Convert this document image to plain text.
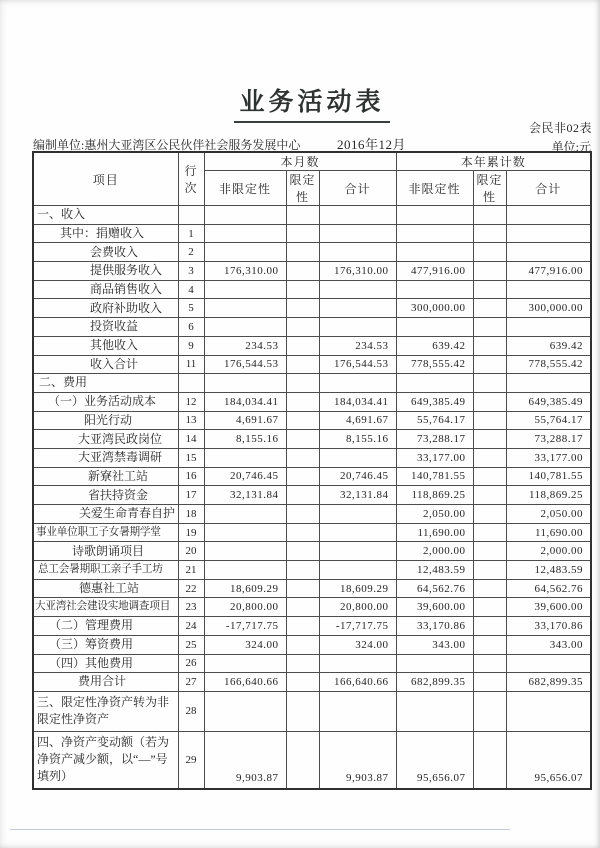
业务活动表
会民非02表
编制单位:惠州大亚湾区公民伙伴社会服务发展中心	2016年12月	单位:元
项目	行次	本月数			本年累计数		
		非限定性	限定性	合计	非限定性	限定性	合计
一、收入							
其中：捐赠收入	1						
会费收入	2						
提供服务收入	3	176,310.00		176,310.00	477,916.00		477,916.00
商品销售收入	4						
政府补助收入	5				300,000.00		300,000.00
投资收益	6						
其他收入	9	234.53		234.53	639.42		639.42
收入合计	11	176,544.53		176,544.53	778,555.42		778,555.42
二、费用							
（一）业务活动成本	12	184,034.41		184,034.41	649,385.49		649,385.49
阳光行动	13	4,691.67		4,691.67	55,764.17		55,764.17
大亚湾民政岗位	14	8,155.16		8,155.16	73,288.17		73,288.17
大亚湾禁毒调研	15				33,177.00		33,177.00
新寮社工站	16	20,746.45		20,746.45	140,781.55		140,781.55
省扶持资金	17	32,131.84		32,131.84	118,869.25		118,869.25
关爱生命青春自护	18				2,050.00		2,050.00
事业单位职工子女暑期学堂	19				11,690.00		11,690.00
诗歌朗诵项目	20				2,000.00		2,000.00
总工会暑期职工亲子手工坊	21				12,483.59		12,483.59
德惠社工站	22	18,609.29		18,609.29	64,562.76		64,562.76
大亚湾社会建设实地调查项目	23	20,800.00		20,800.00	39,600.00		39,600.00
（二）管理费用	24	-17,717.75		-17,717.75	33,170.86		33,170.86
（三）筹资费用	25	324.00		324.00	343.00		343.00
（四）其他费用	26						
费用合计	27	166,640.66		166,640.66	682,899.35		682,899.35
三、限定性净资产转为非限定性净资产	28						
四、净资产变动额（若为净资产减少额，以“—”号填列）	29	9,903.87		9,903.87	95,656.07		95,656.07
